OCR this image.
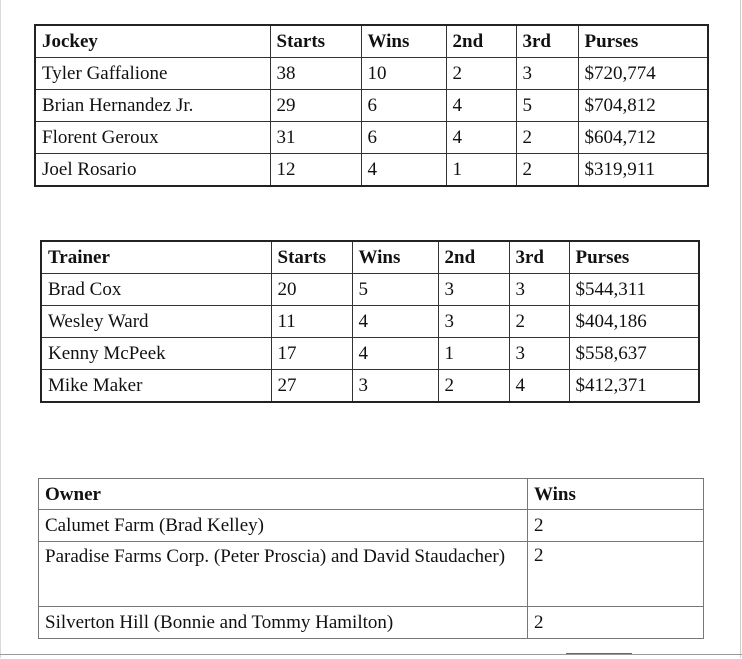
Jockey	Starts	Wins	2nd	3rd	Purses
Tyler Gaffalione	38	10	2	3	$720,774
Brian Hernandez Jr.	29	6	4	5	$704,812
Florent Geroux	31	6	4	2	$604,712
Joel Rosario	12	4	1	2	$319,911
Trainer	Starts	Wins	2nd	3rd	Purses
Brad Cox	20	5	3	3	$544,311
Wesley Ward	11	4	3	2	$404,186
Kenny McPeek	17	4	1	3	$558,637
Mike Maker	27	3	2	4	$412,371
Owner	Wins
Calumet Farm (Brad Kelley)	2
Paradise Farms Corp. (Peter Proscia) and David Staudacher)	2
Silverton Hill (Bonnie and Tommy Hamilton)	2
